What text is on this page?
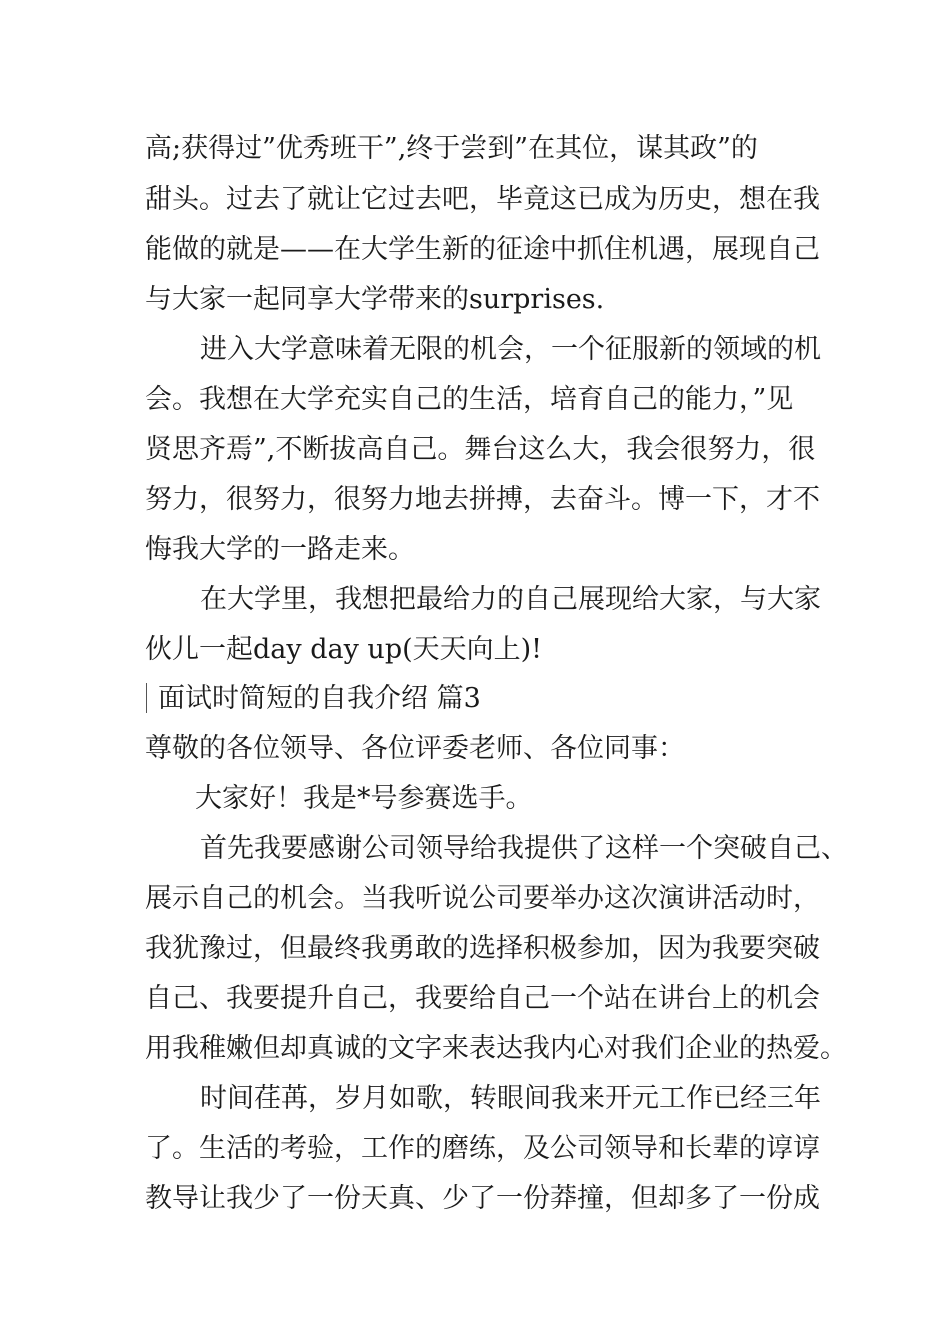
高;获得过”优秀班干”,终于尝到”在其位，谋其政”的
甜头。过去了就让它过去吧，毕竟这已成为历史，想在我
能做的就是——在大学生新的征途中抓住机遇，展现自己
与大家一起同享大学带来的surprises.
进入大学意味着无限的机会，一个征服新的领域的机
会。我想在大学充实自己的生活，培育自己的能力，”见
贤思齐焉”,不断拔高自己。舞台这么大，我会很努力，很
努力，很努力，很努力地去拼搏，去奋斗。博一下，才不
悔我大学的一路走来。
在大学里，我想把最给力的自己展现给大家，与大家
伙儿一起day day up(天天向上)!
面试时简短的自我介绍 篇3
尊敬的各位领导、各位评委老师、各位同事：
大家好！我是*号参赛选手。
首先我要感谢公司领导给我提供了这样一个突破自己、
展示自己的机会。当我听说公司要举办这次演讲活动时，
我犹豫过，但最终我勇敢的选择积极参加，因为我要突破
自己、我要提升自己，我要给自己一个站在讲台上的机会
用我稚嫩但却真诚的文字来表达我内心对我们企业的热爱。
时间荏苒，岁月如歌，转眼间我来开元工作已经三年
了。生活的考验，工作的磨练，及公司领导和长辈的谆谆
教导让我少了一份天真、少了一份莽撞，但却多了一份成
